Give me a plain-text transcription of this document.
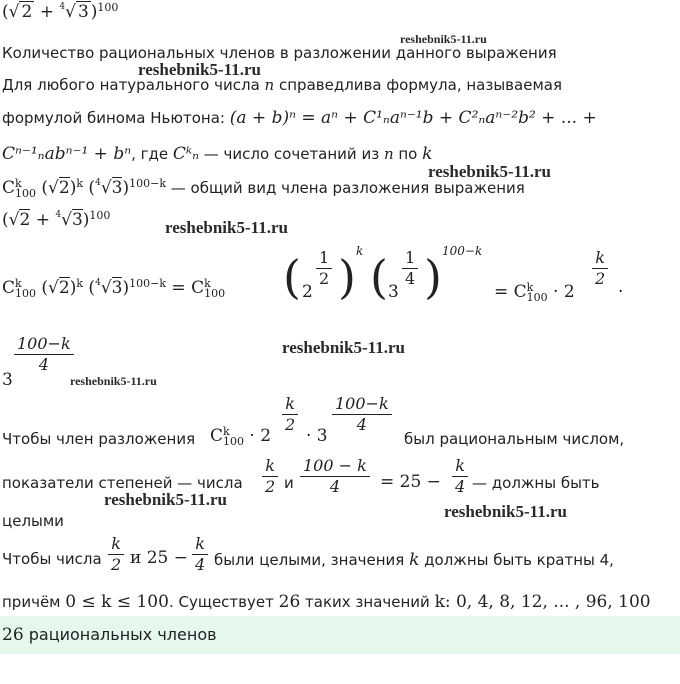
(√ 2 + $^4$√ 3 )$^{100}$
reshebnik5-11.ru
Количество рациональных членов в разложении данного выражения
reshebnik5-11.ru
Для любого натурального числа n справедлива формула, называемая
формулой бинома Ньютона: (a + b)ⁿ = aⁿ + C¹ₙaⁿ⁻¹b + C²ₙaⁿ⁻²b² + ... +
Cⁿ⁻¹ₙabⁿ⁻¹ + bⁿ, где Cᵏₙ — число сочетаний из n по k
reshebnik5-11.ru
C k
100 $(√2)^k$ $(^4√3)^{100-k}$ — общий вид члена разложения выражения
$(√2 + ^4√3)^{100}$
reshebnik5-11.ru
C k
100 $(√2)^k$ $(^4√3)^{100-k} = C$ k
100 ( 2
$\frac{1}{2}$ ) k ( 3
$\frac{1}{4}$ ) 100−k
= C k
100 · 2
$\frac{k}{2}$
·
reshebnik5-11.ru
$\frac{100-k}{4}$
3	reshebnik5-11.ru
Чтобы член разложения C k
100 · 2
$\frac{k}{2}$
· 3
$\frac{100-k}{4}$
был рациональным числом,
показатели степеней — числа $\frac{k}{2}$ и $\frac{100 - k}{4} = 25 - \frac{k}{4}$ — должны быть
reshebnik5-11.ru
reshebnik5-11.ru
целыми
Чтобы числа $\frac{k}{2}$ и $25 - \frac{k}{4}$ были целыми, значения k должны быть кратны 4,
причём 0 ≤ k ≤ 100. Существует 26 таких значений k: 0, 4, 8, 12, ... , 96, 100
26 рациональных членов
